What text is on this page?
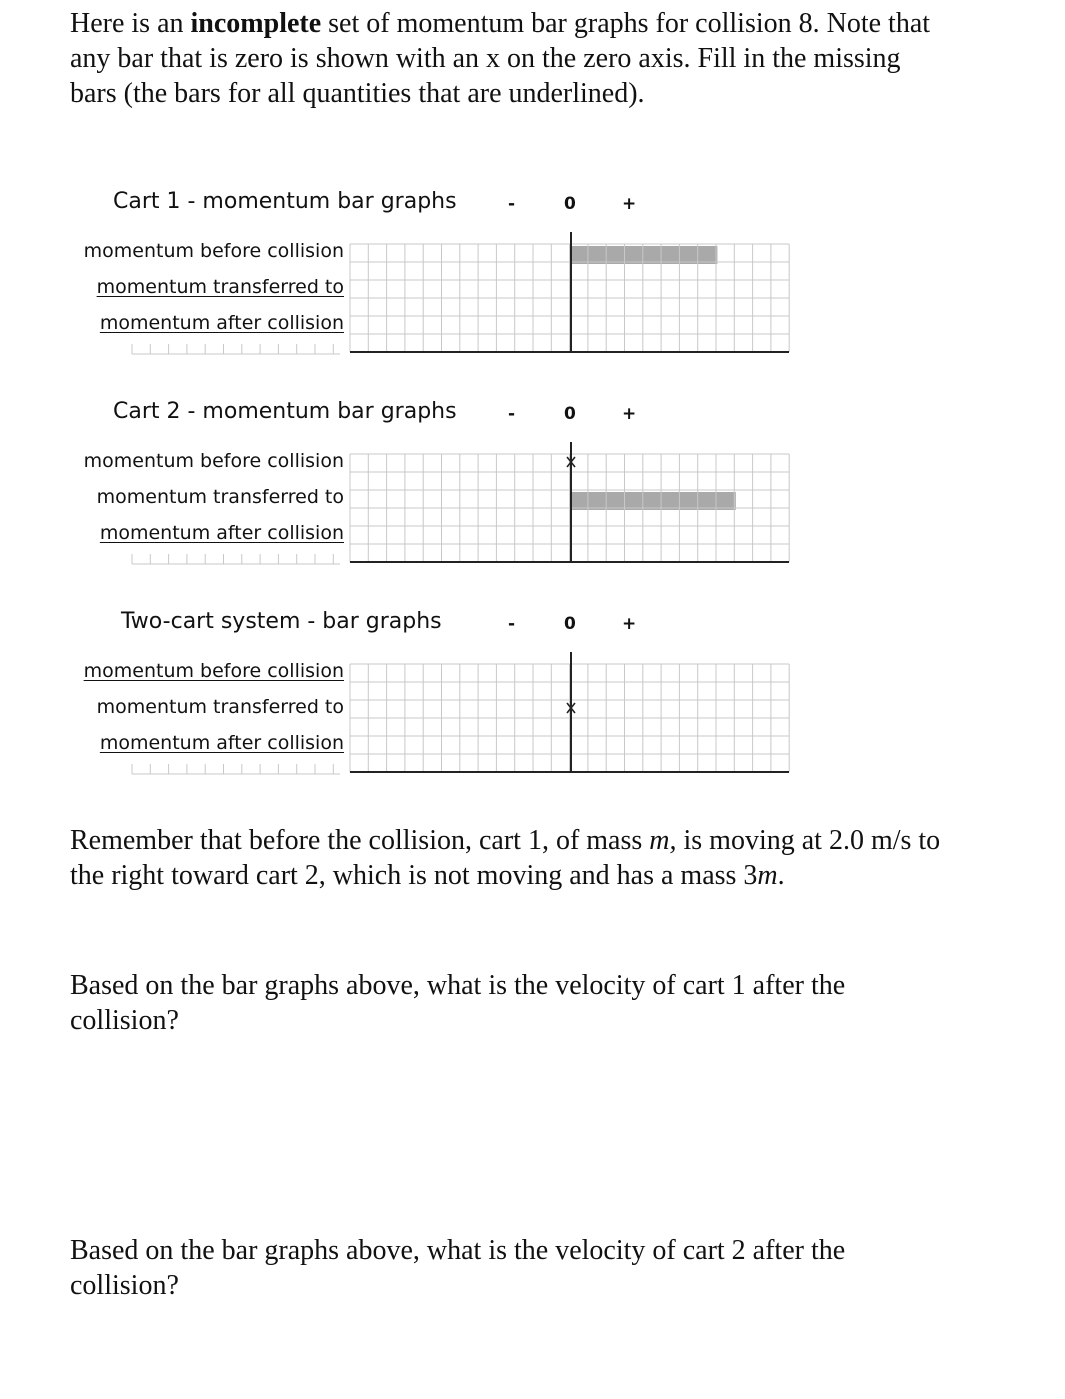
Here is an incomplete set of momentum bar graphs for collision 8. Note that any bar that is zero is shown with an x on the zero axis. Fill in the missing bars (the bars for all quantities that are underlined).

Cart 1 - momentum bar graphs	-	0	+
momentum before collision
momentum transferred to
momentum after collision
Cart 2 - momentum bar graphs	-	0	+
momentum before collision
momentum transferred to
momentum after collision
Two-cart system - bar graphs	-	0	+
momentum before collision
momentum transferred to
momentum after collision

Remember that before the collision, cart 1, of mass m, is moving at 2.0 m/s to the right toward cart 2, which is not moving and has a mass 3m.

Based on the bar graphs above, what is the velocity of cart 1 after the collision?

Based on the bar graphs above, what is the velocity of cart 2 after the collision?
